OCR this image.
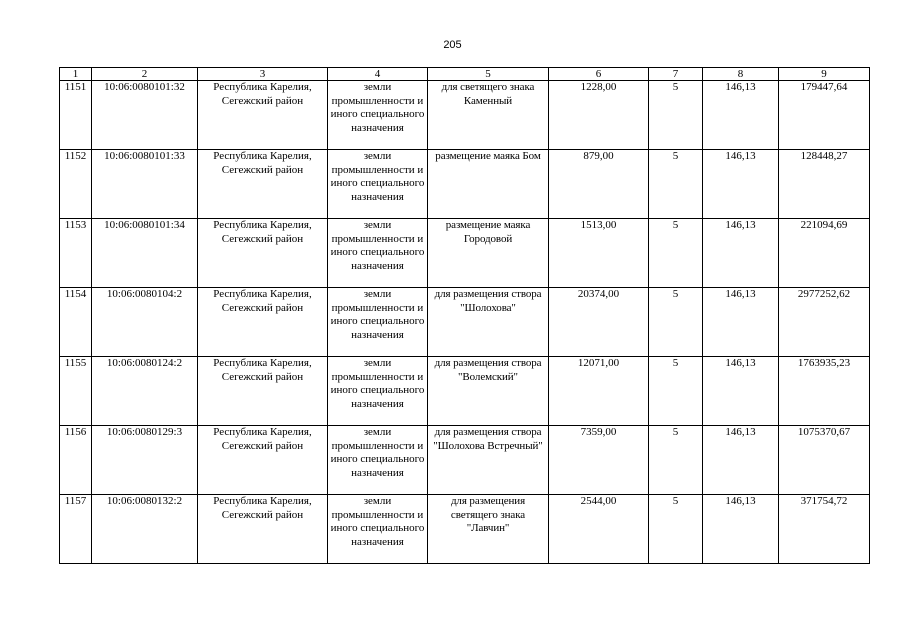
205
1	2	3	4	5	6	7	8	9
1151	10:06:0080101:32	Республика Карелия, Сегежский район	земли промышленности и иного специального назначения	для светящего знака Каменный	1228,00	5	146,13	179447,64
1152	10:06:0080101:33	Республика Карелия, Сегежский район	земли промышленности и иного специального назначения	размещение маяка Бом	879,00	5	146,13	128448,27
1153	10:06:0080101:34	Республика Карелия, Сегежский район	земли промышленности и иного специального назначения	размещение маяка Городовой	1513,00	5	146,13	221094,69
1154	10:06:0080104:2	Республика Карелия, Сегежский район	земли промышленности и иного специального назначения	для размещения створа "Шолохова"	20374,00	5	146,13	2977252,62
1155	10:06:0080124:2	Республика Карелия, Сегежский район	земли промышленности и иного специального назначения	для размещения створа "Волемский"	12071,00	5	146,13	1763935,23
1156	10:06:0080129:3	Республика Карелия, Сегежский район	земли промышленности и иного специального назначения	для размещения створа "Шолохова Встречный"	7359,00	5	146,13	1075370,67
1157	10:06:0080132:2	Республика Карелия, Сегежский район	земли промышленности и иного специального назначения	для размещения светящего знака "Лавчин"	2544,00	5	146,13	371754,72
